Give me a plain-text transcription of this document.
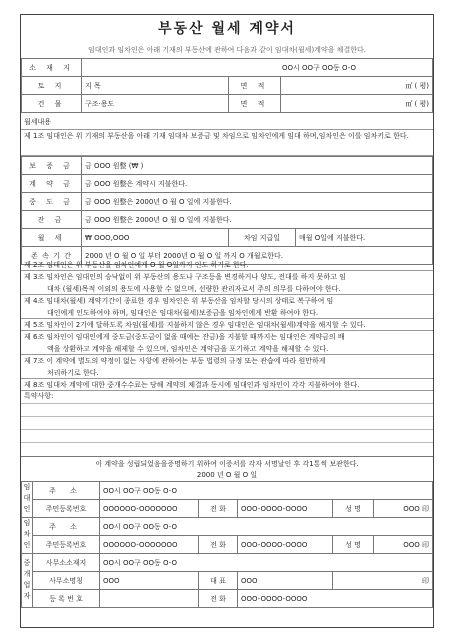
부동산 월세 계약서
임대인과 임차인은 아래 기재의 부동산에 관하여 다음과 같이 임대차(월세)계약을 체결한다.
소 재 지	OO시 OO구 OO동 O-O		
토 지	지 목	면 적	㎡ ( 평)
건 물	구조·용도	면 적	㎡ ( 평)
월세내용
제 1조 임대인은 위 기재의 부동산을 아래 기재 임대차 보증금 및 차임으로 임차인에게 임대 하며,임차인은 이를 임차키로 한다.
보 증 금	금 OOO 원整 (₩ )		
계 약 금	금 OOO 원整은 계약시 지불한다.		
중 도 금	금 OOO 원整은 2000년 O 월 O 일에 지불한다.		
잔 금	금 OOO 원整은 2000년 O 월 O 일에 지불한다.		
월 세	₩ OOO,OOO	차임 지급일	매월 O일에 지불한다.
존 속 기 간	2000 년 O 월 O 일 부터 2000년 O 월 O 일 까지 O 개월로한다.		
제 2조 임대인은 위 부동산을 임차인에게 O 월 O일까지 인도 하기로 한다.
제 3조 임차인은 임대인의 승낙없이 위 부동산의 용도나 구조등을 변경하거나 양도, 전대를 하지 못하고 임
대차 (월세)목적 이외의 용도에 사용할 수 없으며, 선량한 관리자로서 주의 의무를 다하여야 한다.
제 4조 임대차(월세) 계약기간이 종료한 경우 임차인은 위 부동산을 임차할 당시의 상태로 복구하여 임
대인에게 인도하여야 하며, 임대인은 임대차(월세)보증금을 임차인에게 반환 하여야 한다.
제 5조 임차인이 2기에 달하도록 차임(월세)를 지불하지 않은 경우 임대인은 임대차(월세)계약을 해지할 수 있다.
제 6조 임차인이 임대인에게 중도금(중도금이 없을 때에는 잔금)을 지불할 때까지는 임대인은 계약금의 배
액을 상환하고 계약을 해제할 수 있으며, 임차인은 계약금을 포기하고 계약을 해제할 수 있다.
제 7조 이 계약에 별도의 약정이 없는 사항에 관하여는 부동 법령의 규정 또는 관습에 따라 원만하게
처리하기로 한다.
제 8조 임대차 계약에 대한 중개수수료는 당해 계약의 체결과 동시에 임대인과 임차인이 각각 지불하여야 한다.
특약사항:
이 계약을 성립되었음을증명하기 위하여 이증서를 각자 서명날인 후 각1통씩 보관한다.
2000 년 O 월 O 일
임대인	주 소	OO시 OO구 OO동 O-O				
	주민등록번호	OOOOOO-OOOOOOO	전 화	OOO-OOOO-OOOO	성 명	OOO 印
임차인	주 소	OO시 OO구 OO동 O-O				
	주민등록번호	OOOOOO-OOOOOOO	전 화	OOO-OOOO-OOOO	성 명	OOO 印
중개업자	사무소소재지	OO시 OO구 OO동 O-O				
	사무소명칭	OOO	대 표	OOO	印	
	등 록 번 호		전 화	OOO-OOOO-OOOO		
